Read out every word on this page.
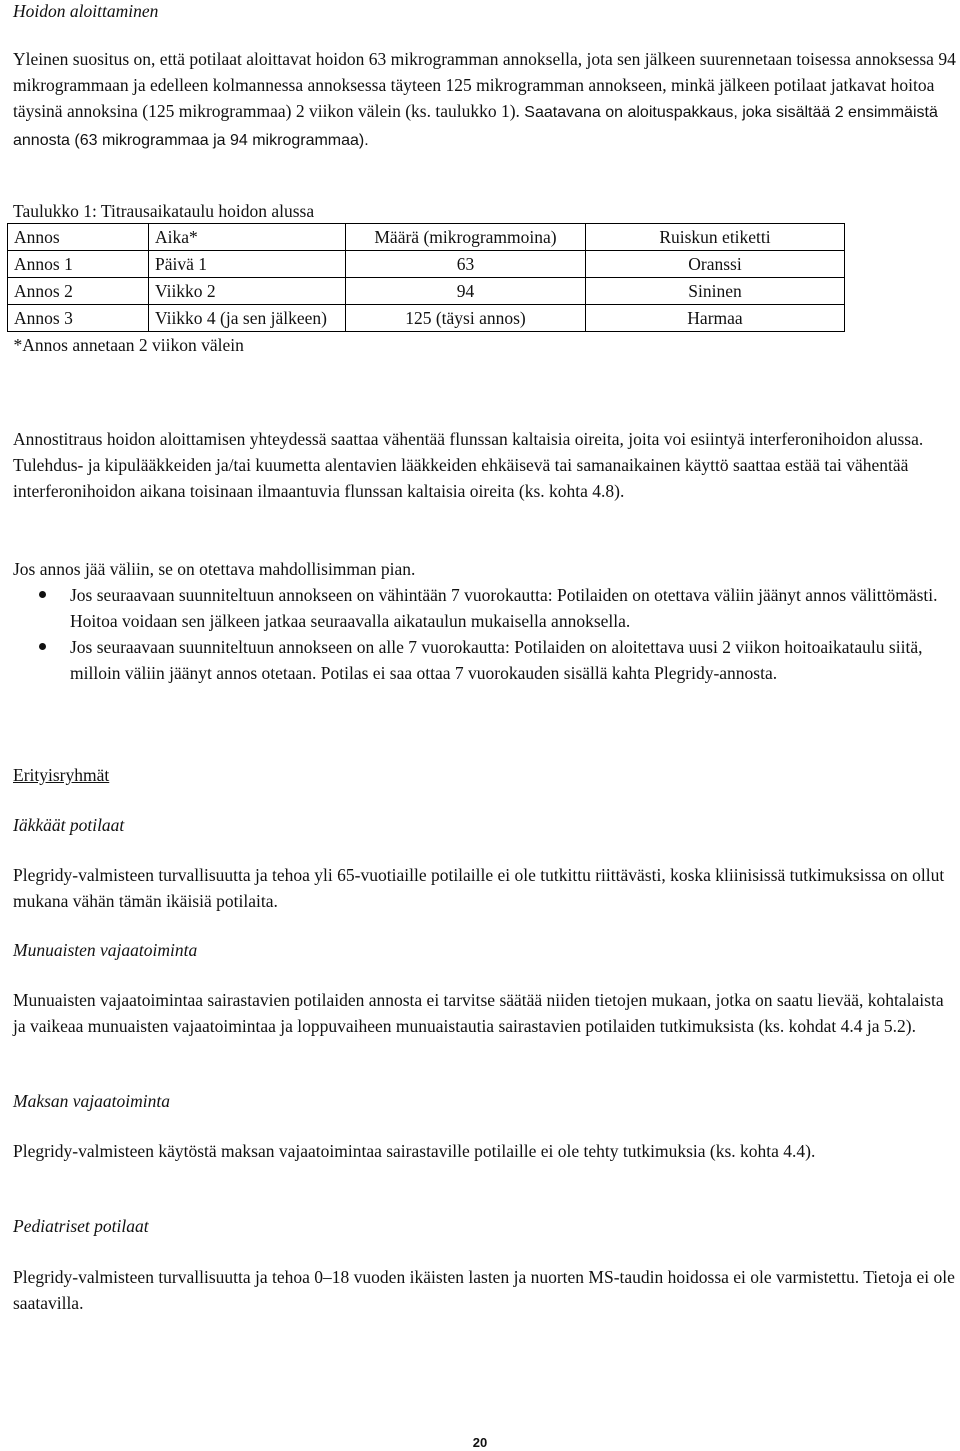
Hoidon aloittaminen

Yleinen suositus on, että potilaat aloittavat hoidon 63 mikrogramman annoksella, jota sen jälkeen suurennetaan toisessa annoksessa 94 mikrogrammaan ja edelleen kolmannessa annoksessa täyteen 125 mikrogramman annokseen, minkä jälkeen potilaat jatkavat hoitoa täysinä annoksina (125 mikrogrammaa) 2 viikon välein (ks. taulukko 1). Saatavana on aloituspakkaus, joka sisältää 2 ensimmäistä annosta (63 mikrogrammaa ja 94 mikrogrammaa).

Taulukko 1: Titrausaikataulu hoidon alussa
Annos	Aika*	Määrä (mikrogrammoina)	Ruiskun etiketti
Annos 1	Päivä 1	63	Oranssi
Annos 2	Viikko 2	94	Sininen
Annos 3	Viikko 4 (ja sen jälkeen)	125 (täysi annos)	Harmaa
*Annos annetaan 2 viikon välein			

Annostitraus hoidon aloittamisen yhteydessä saattaa vähentää flunssan kaltaisia oireita, joita voi esiintyä interferonihoidon alussa. Tulehdus- ja kipulääkkeiden ja/tai kuumetta alentavien lääkkeiden ehkäisevä tai samanaikainen käyttö saattaa estää tai vähentää interferonihoidon aikana toisinaan ilmaantuvia flunssan kaltaisia oireita (ks. kohta 4.8).

Jos annos jää väliin, se on otettava mahdollisimman pian.

Jos seuraavaan suunniteltuun annokseen on vähintään 7 vuorokautta: Potilaiden on otettava väliin jäänyt annos välittömästi. Hoitoa voidaan sen jälkeen jatkaa seuraavalla aikataulun mukaisella annoksella.
Jos seuraavaan suunniteltuun annokseen on alle 7 vuorokautta: Potilaiden on aloitettava uusi 2 viikon hoitoaikataulu siitä, milloin väliin jäänyt annos otetaan. Potilas ei saa ottaa 7 vuorokauden sisällä kahta Plegridy-annosta.

Erityisryhmät

Iäkkäät potilaat

Plegridy-valmisteen turvallisuutta ja tehoa yli 65-vuotiaille potilaille ei ole tutkittu riittävästi, koska kliinisissä tutkimuksissa on ollut mukana vähän tämän ikäisiä potilaita.

Munuaisten vajaatoiminta

Munuaisten vajaatoimintaa sairastavien potilaiden annosta ei tarvitse säätää niiden tietojen mukaan, jotka on saatu lievää, kohtalaista ja vaikeaa munuaisten vajaatoimintaa ja loppuvaiheen munuaistautia sairastavien potilaiden tutkimuksista (ks. kohdat 4.4 ja 5.2).

Maksan vajaatoiminta

Plegridy-valmisteen käytöstä maksan vajaatoimintaa sairastaville potilaille ei ole tehty tutkimuksia (ks. kohta 4.4).

Pediatriset potilaat

Plegridy-valmisteen turvallisuutta ja tehoa 0–18 vuoden ikäisten lasten ja nuorten MS-taudin hoidossa ei ole varmistettu. Tietoja ei ole saatavilla.

20
